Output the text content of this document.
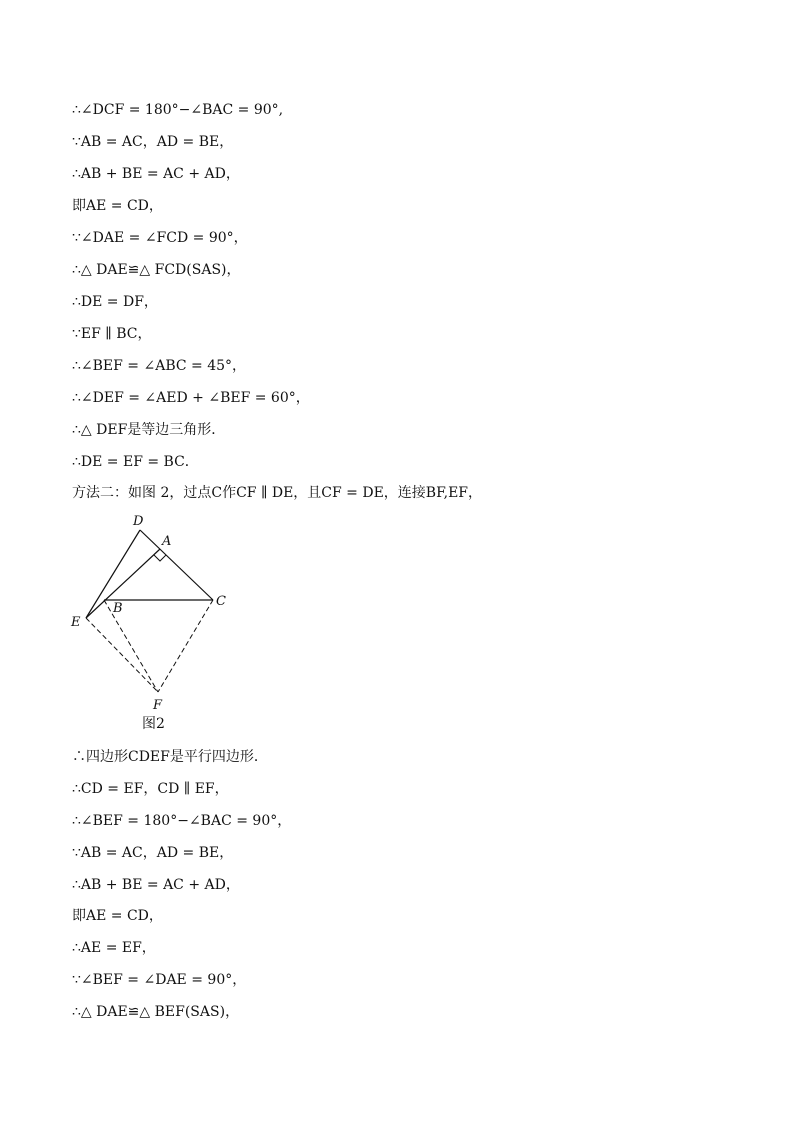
∴∠DCF = 180°−∠BAC = 90°,
∵AB = AC，AD = BE，
∴AB + BE = AC + AD，
即AE = CD，
∵∠DAE = ∠FCD = 90°，
∴△ DAE≌△ FCD(SAS)，
∴DE = DF，
∵EF ∥ BC，
∴∠BEF = ∠ABC = 45°，
∴∠DEF = ∠AED + ∠BEF = 60°，
∴△ DEF是等边三角形．
∴DE = EF = BC．
方法二：如图 2，过点C作CF ∥ DE，且CF = DE，连接BF,EF，
D
A
B	C
E
F
图2
∴四边形CDEF是平行四边形．
∴CD = EF，CD ∥ EF，
∴∠BEF = 180°−∠BAC = 90°，
∵AB = AC，AD = BE，
∴AB + BE = AC + AD，
即AE = CD，
∴AE = EF，
∵∠BEF = ∠DAE = 90°，
∴△ DAE≌△ BEF(SAS)，
